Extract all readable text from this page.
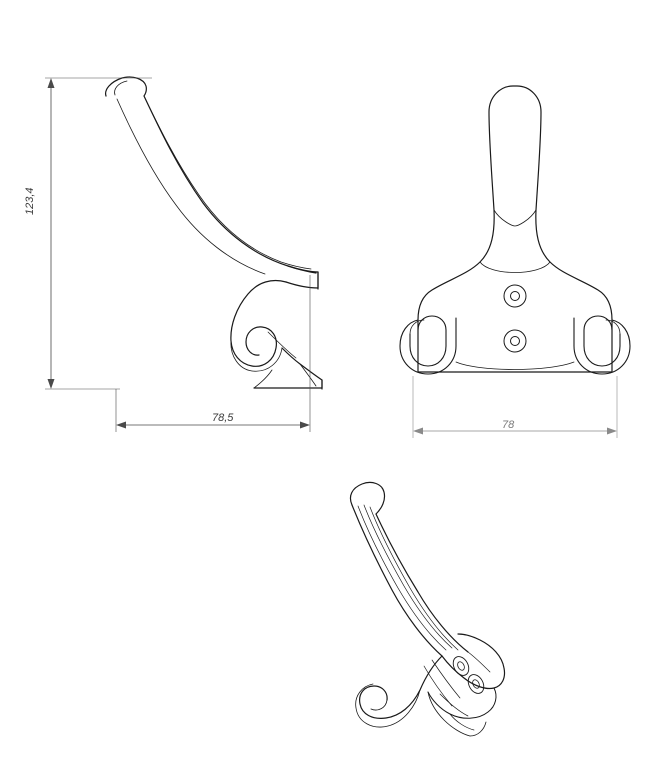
123,4
78,5
78
